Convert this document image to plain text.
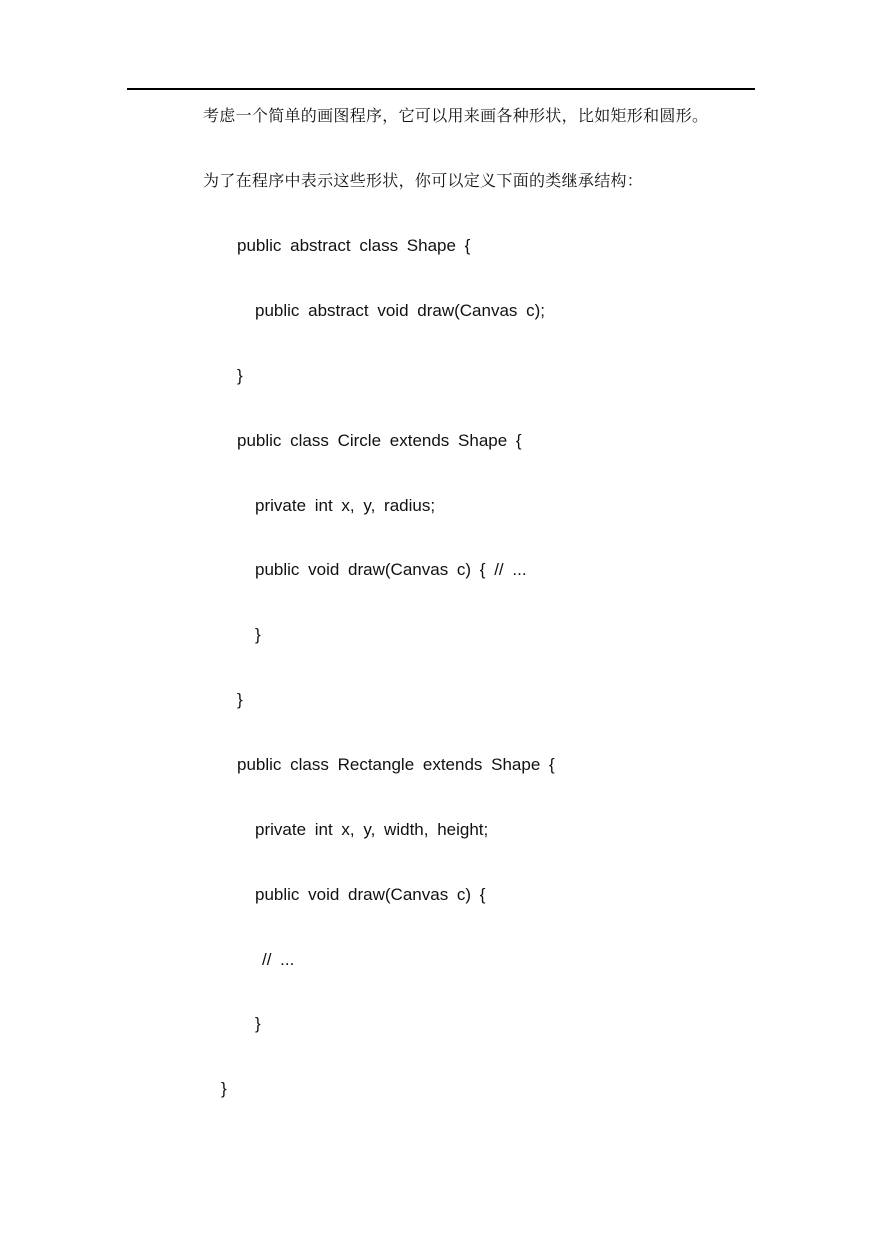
考虑一个简单的画图程序，它可以用来画各种形状，比如矩形和圆形。
为了在程序中表示这些形状，你可以定义下面的类继承结构：
public abstract class Shape {
public abstract void draw(Canvas c);
}
public class Circle extends Shape {
private int x, y, radius;
public void draw(Canvas c) { // ...
}
}
public class Rectangle extends Shape {
private int x, y, width, height;
public void draw(Canvas c) {
// ...
}
}
